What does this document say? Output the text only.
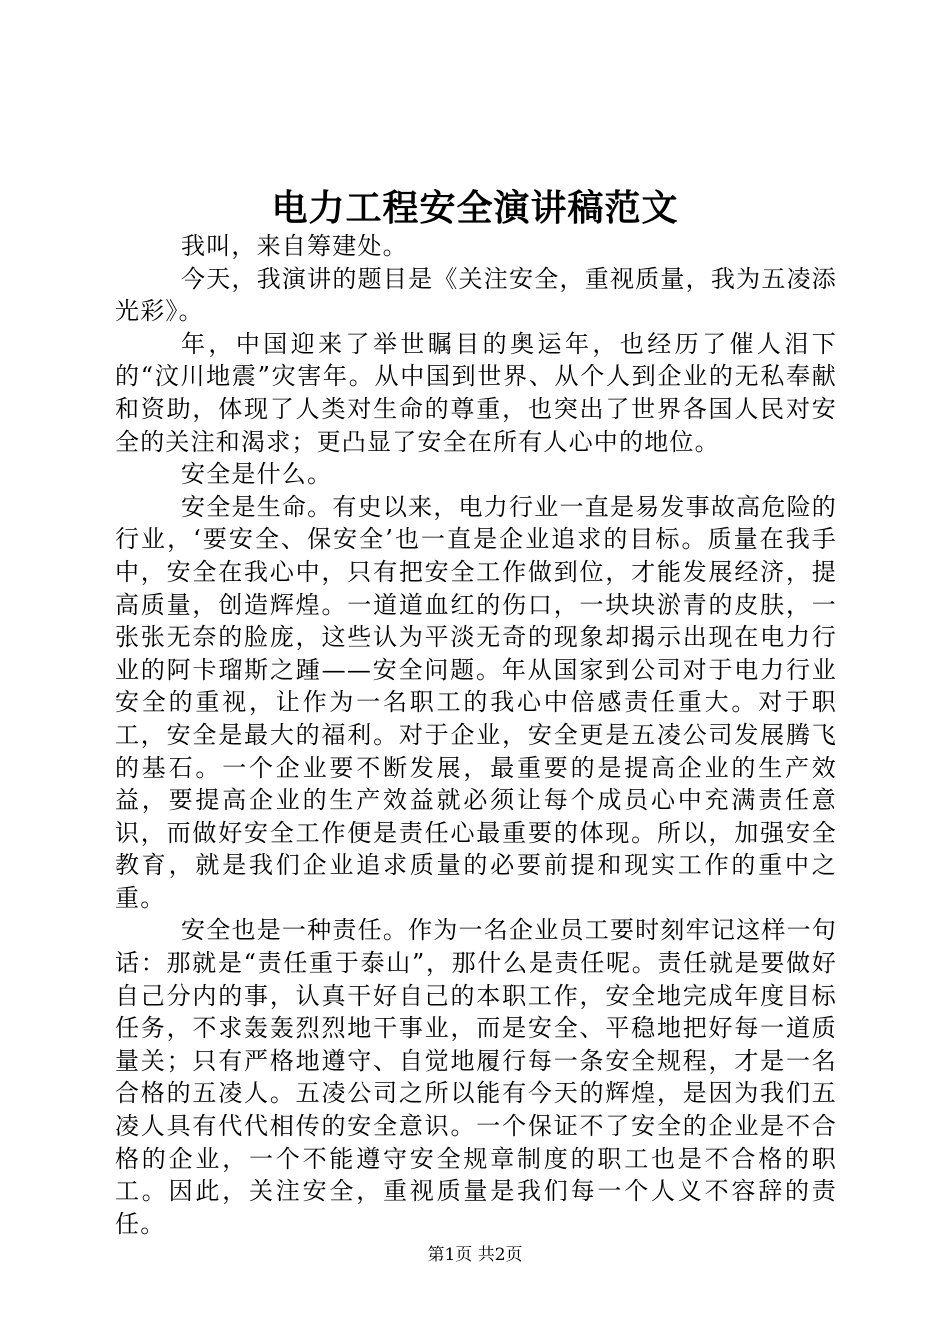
电力工程安全演讲稿范文

我叫，来自筹建处。

今天，我演讲的题目是《关注安全，重视质量，我为五凌添光彩》。

年，中国迎来了举世瞩目的奥运年，也经历了催人泪下的“汶川地震”灾害年。从中国到世界、从个人到企业的无私奉献和资助，体现了人类对生命的尊重，也突出了世界各国人民对安全的关注和渴求；更凸显了安全在所有人心中的地位。

安全是什么。

安全是生命。有史以来，电力行业一直是易发事故高危险的行业，‘要安全、保安全’也一直是企业追求的目标。质量在我手中，安全在我心中，只有把安全工作做到位，才能发展经济，提高质量，创造辉煌。一道道血红的伤口，一块块淤青的皮肤，一张张无奈的脸庞，这些认为平淡无奇的现象却揭示出现在电力行业的阿卡瑠斯之踵——安全问题。年从国家到公司对于电力行业安全的重视，让作为一名职工的我心中倍感责任重大。对于职工，安全是最大的福利。对于企业，安全更是五凌公司发展腾飞的基石。一个企业要不断发展，最重要的是提高企业的生产效益，要提高企业的生产效益就必须让每个成员心中充满责任意识，而做好安全工作便是责任心最重要的体现。所以，加强安全教育，就是我们企业追求质量的必要前提和现实工作的重中之重。

安全也是一种责任。作为一名企业员工要时刻牢记这样一句话：那就是“责任重于泰山”，那什么是责任呢。责任就是要做好自己分内的事，认真干好自己的本职工作，安全地完成年度目标任务，不求轰轰烈烈地干事业，而是安全、平稳地把好每一道质量关；只有严格地遵守、自觉地履行每一条安全规程，才是一名合格的五凌人。五凌公司之所以能有今天的辉煌，是因为我们五凌人具有代代相传的安全意识。一个保证不了安全的企业是不合格的企业，一个不能遵守安全规章制度的职工也是不合格的职工。因此，关注安全，重视质量是我们每一个人义不容辞的责任。

第1页 共2页
